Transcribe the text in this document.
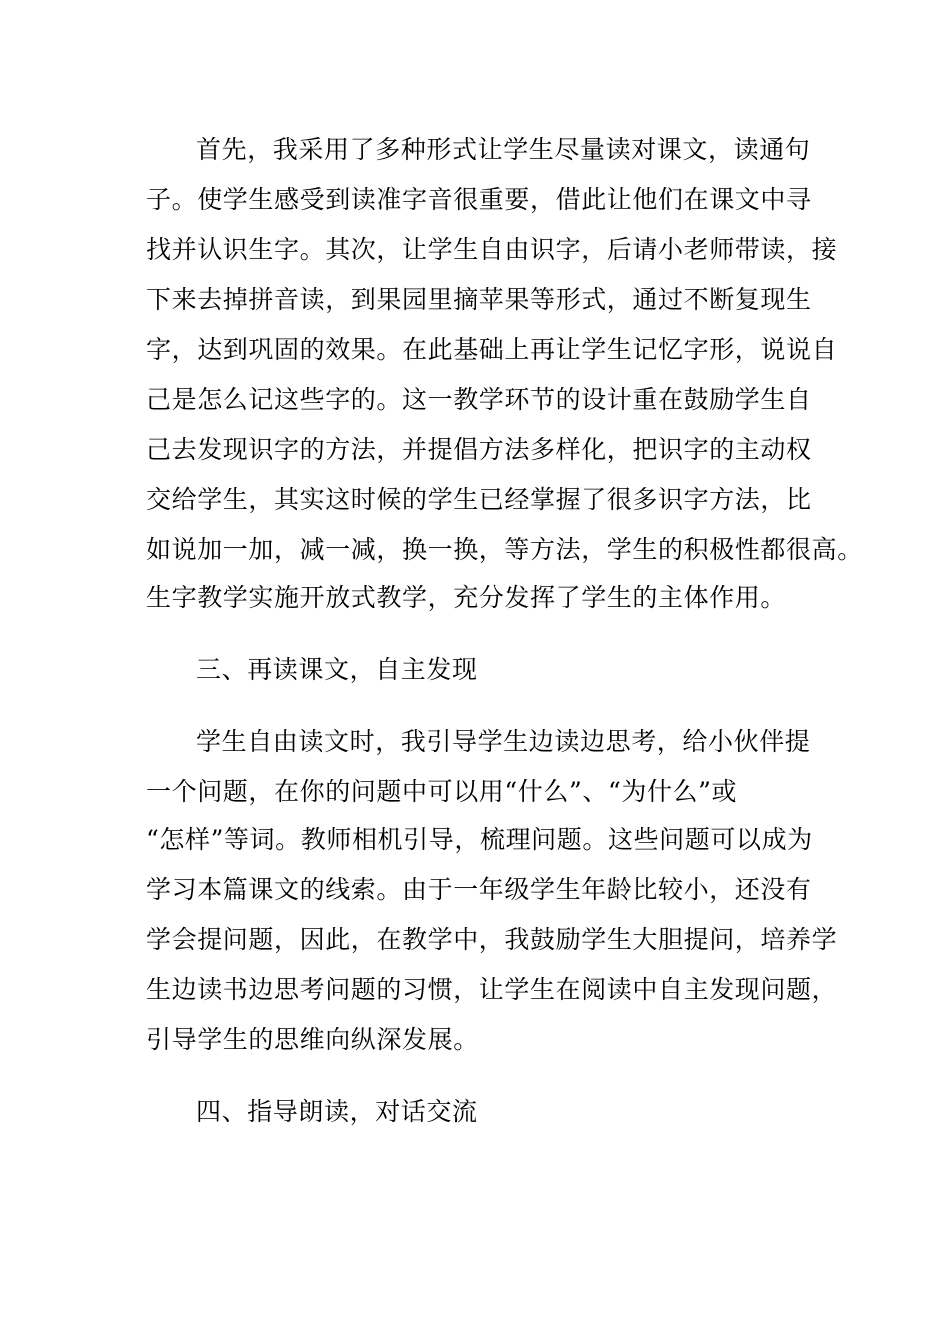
首先，我采用了多种形式让学生尽量读对课文，读通句
子。使学生感受到读准字音很重要，借此让他们在课文中寻
找并认识生字。其次，让学生自由识字，后请小老师带读，接
下来去掉拼音读，到果园里摘苹果等形式，通过不断复现生
字，达到巩固的效果。在此基础上再让学生记忆字形，说说自
己是怎么记这些字的。这一教学环节的设计重在鼓励学生自
己去发现识字的方法，并提倡方法多样化，把识字的主动权
交给学生，其实这时候的学生已经掌握了很多识字方法，比
如说加一加，减一减，换一换，等方法，学生的积极性都很高。
生字教学实施开放式教学，充分发挥了学生的主体作用。
三、再读课文，自主发现
学生自由读文时，我引导学生边读边思考，给小伙伴提
一个问题，在你的问题中可以用“什么”、“为什么”或
“怎样”等词。教师相机引导，梳理问题。这些问题可以成为
学习本篇课文的线索。由于一年级学生年龄比较小，还没有
学会提问题，因此，在教学中，我鼓励学生大胆提问，培养学
生边读书边思考问题的习惯，让学生在阅读中自主发现问题，
引导学生的思维向纵深发展。
四、指导朗读，对话交流
